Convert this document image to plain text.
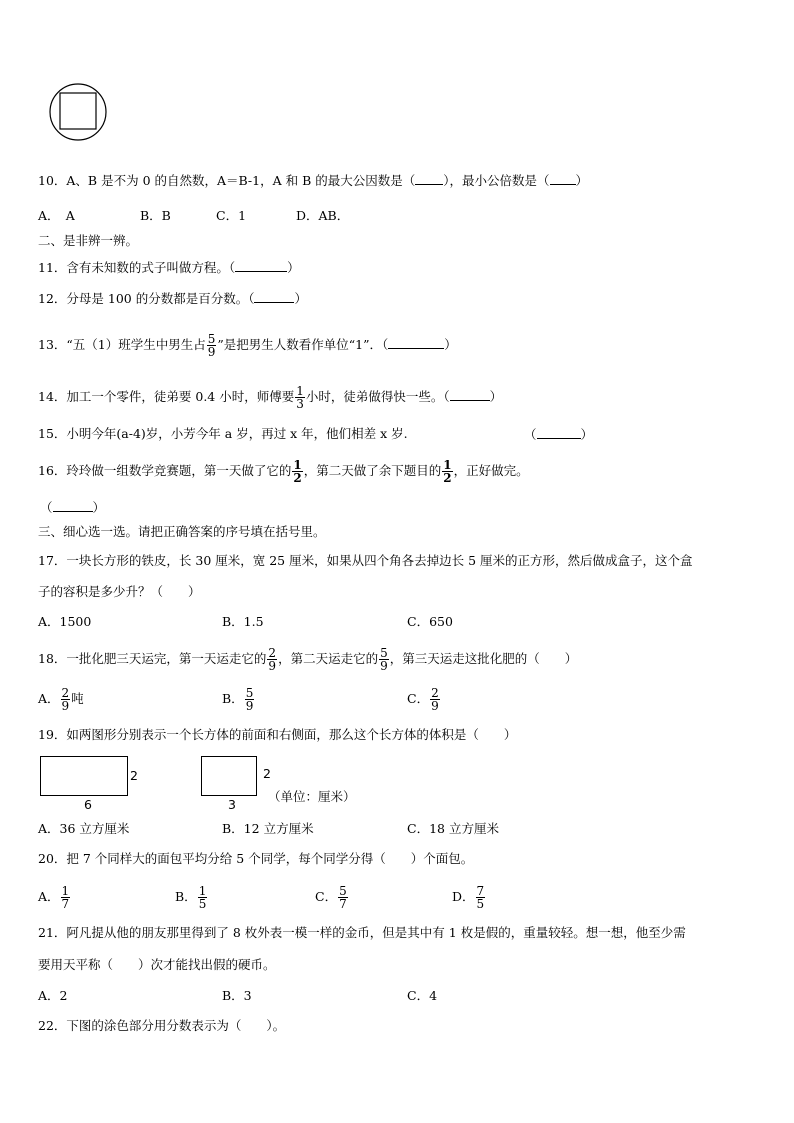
10．A、B 是不为 0 的自然数，A＝B-1，A 和 B 的最大公因数是（ ），最小公倍数是（ ）
A．　A	B．B	C．1	D．AB．
二、是非辨一辨。
11．含有未知数的式子叫做方程。（	）
12．分母是 100 的分数都是百分数。（	）
13．“五（1）班学生中男生占 $\frac{5}{9}$ ”是把男生人数看作单位“1”．（	）
14．加工一个零件，徒弟要 0.4 小时，师傅要 $\frac{1}{3}$ 小时，徒弟做得快一些。（	）
15．小明今年(a-4)岁，小芳今年 a 岁，再过 x 年，他们相差 x 岁.	（	）
16．玲玲做一组数学竞赛题，第一天做了它的 $\frac{1}{2}$ ，第二天做了余下题目的 $\frac{1}{2}$ ，正好做完。
（	）
三、细心选一选。请把正确答案的序号填在括号里。
17．一块长方形的铁皮，长 30 厘米，宽 25 厘米，如果从四个角各去掉边长 5 厘米的正方形，然后做成盒子，这个盒
子的容积是多少升？（　　）
A．1500	B．1.5	C．650
18．一批化肥三天运完，第一天运走它的 $\frac{2}{9}$ ，第二天运走它的 $\frac{5}{9}$ ，第三天运走这批化肥的（　　）
A． $\frac{2}{9}$ 吨	B． $\frac{5}{9}$	C． $\frac{2}{9}$
19．如两图形分别表示一个长方体的前面和右侧面，那么这个长方体的体积是（　　）
2
6
2
3
（单位：厘米）
A．36 立方厘米	B．12 立方厘米	C．18 立方厘米
20．把 7 个同样大的面包平均分给 5 个同学，每个同学分得（　　）个面包。
A． $\frac{1}{7}$	B． $\frac{1}{5}$	C． $\frac{5}{7}$	D． $\frac{7}{5}$
21．阿凡提从他的朋友那里得到了 8 枚外表一模一样的金币，但是其中有 1 枚是假的，重量较轻。想一想，他至少需
要用天平称（　　）次才能找出假的硬币。
A．2	B．3	C．4
22．下图的涂色部分用分数表示为（　　）。
